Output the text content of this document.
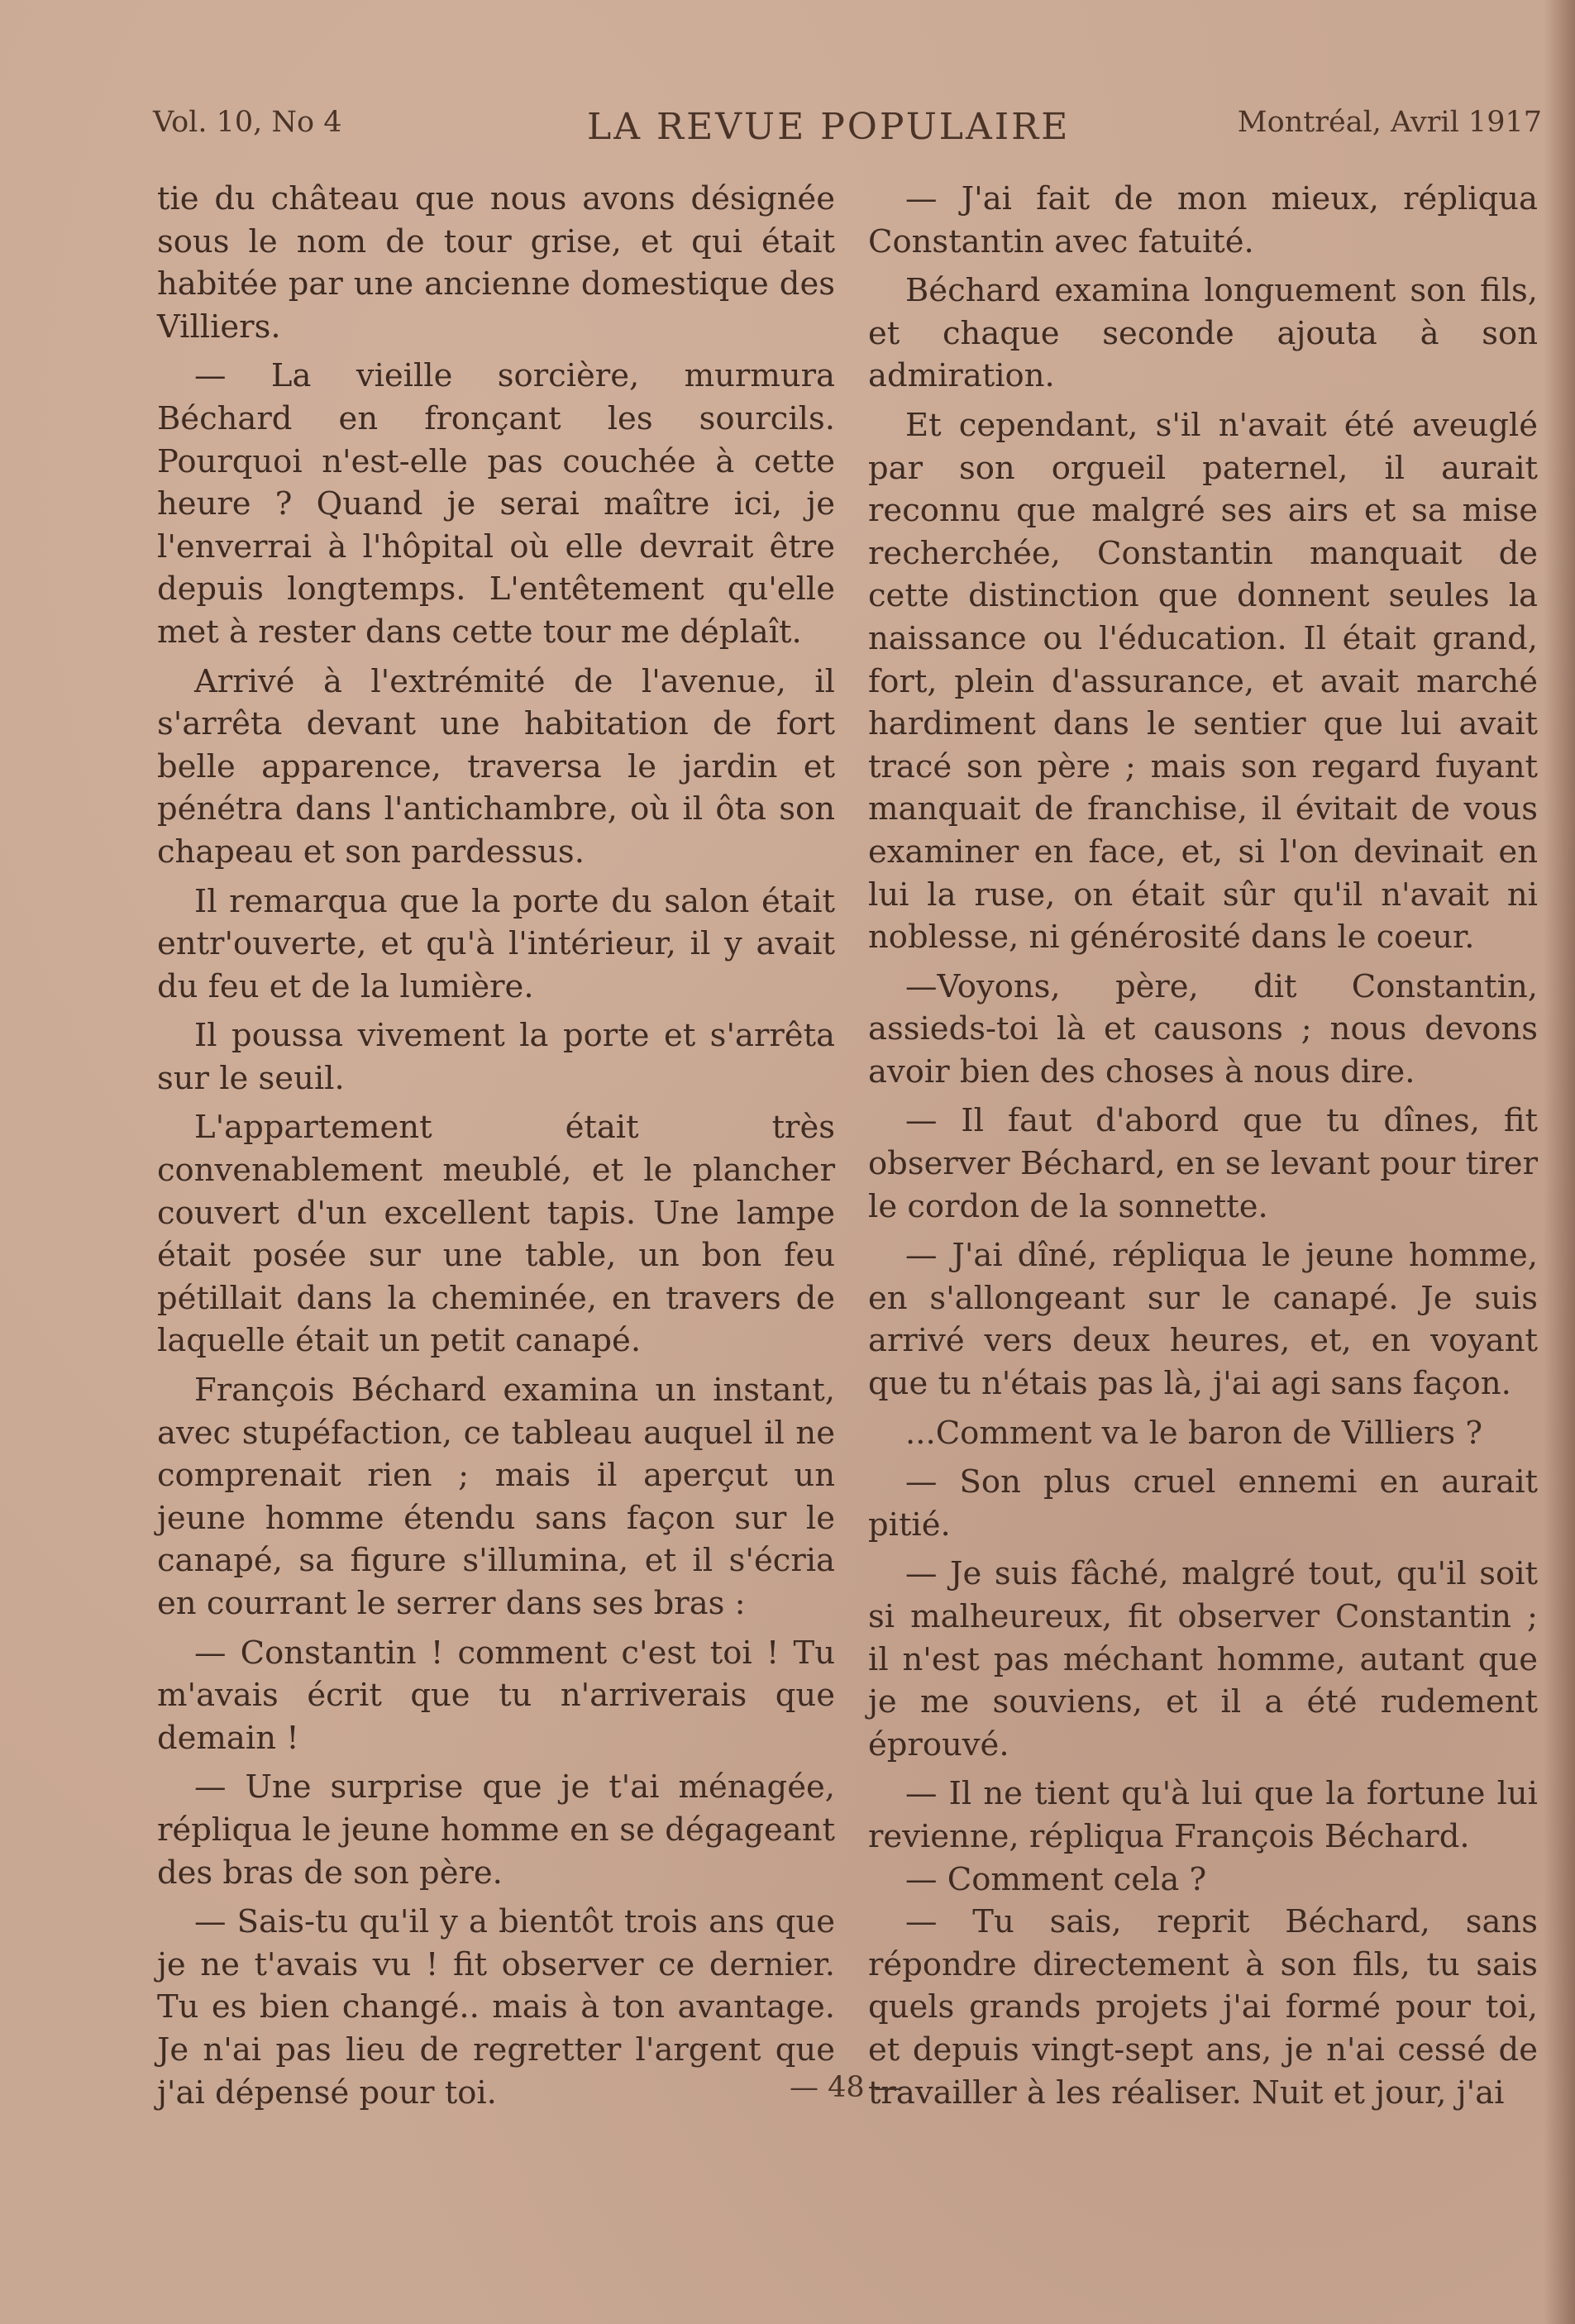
Vol. 10, No 4	LA REVUE POPULAIRE	Montréal, Avril 1917

tie du château que nous avons désignée sous le nom de tour grise, et qui était habitée par une ancienne domestique des Villiers.

— La vieille sorcière, murmura Béchard en fronçant les sourcils. Pourquoi n'est-elle pas couchée à cette heure ? Quand je serai maître ici, je l'enverrai à l'hôpital où elle devrait être depuis longtemps. L'entêtement qu'elle met à rester dans cette tour me déplaît.

Arrivé à l'extrémité de l'avenue, il s'arrêta devant une habitation de fort belle apparence, traversa le jardin et pénétra dans l'antichambre, où il ôta son chapeau et son pardessus.

Il remarqua que la porte du salon était entr'ouverte, et qu'à l'intérieur, il y avait du feu et de la lumière.

Il poussa vivement la porte et s'arrêta sur le seuil.

L'appartement était très convenablement meublé, et le plancher couvert d'un excellent tapis. Une lampe était posée sur une table, un bon feu pétillait dans la cheminée, en travers de laquelle était un petit canapé.

François Béchard examina un instant, avec stupéfaction, ce tableau auquel il ne comprenait rien ; mais il aperçut un jeune homme étendu sans façon sur le canapé, sa figure s'illumina, et il s'écria en courrant le serrer dans ses bras :

— Constantin ! comment c'est toi ! Tu m'avais écrit que tu n'arriverais que demain !

— Une surprise que je t'ai ménagée, répliqua le jeune homme en se dégageant des bras de son père.

— Sais-tu qu'il y a bientôt trois ans que je ne t'avais vu ! fit observer ce dernier. Tu es bien changé.. mais à ton avantage. Je n'ai pas lieu de regretter l'argent que j'ai dépensé pour toi.

— J'ai fait de mon mieux, répliqua Constantin avec fatuité.

Béchard examina longuement son fils, et chaque seconde ajouta à son admiration.

Et cependant, s'il n'avait été aveuglé par son orgueil paternel, il aurait reconnu que malgré ses airs et sa mise recherchée, Constantin manquait de cette distinction que donnent seules la naissance ou l'éducation. Il était grand, fort, plein d'assurance, et avait marché hardiment dans le sentier que lui avait tracé son père ; mais son regard fuyant manquait de franchise, il évitait de vous examiner en face, et, si l'on devinait en lui la ruse, on était sûr qu'il n'avait ni noblesse, ni générosité dans le coeur.

—Voyons, père, dit Constantin, assieds-toi là et causons ; nous devons avoir bien des choses à nous dire.

— Il faut d'abord que tu dînes, fit observer Béchard, en se levant pour tirer le cordon de la sonnette.

— J'ai dîné, répliqua le jeune homme, en s'allongeant sur le canapé. Je suis arrivé vers deux heures, et, en voyant que tu n'étais pas là, j'ai agi sans façon.

...Comment va le baron de Villiers ?

— Son plus cruel ennemi en aurait pitié.

— Je suis fâché, malgré tout, qu'il soit si malheureux, fit observer Constantin ; il n'est pas méchant homme, autant que je me souviens, et il a été rudement éprouvé.

— Il ne tient qu'à lui que la fortune lui revienne, répliqua François Béchard.

— Comment cela ?

— Tu sais, reprit Béchard, sans répondre directement à son fils, tu sais quels grands projets j'ai formé pour toi, et depuis vingt-sept ans, je n'ai cessé de travailler à les réaliser. Nuit et jour, j'ai

— 48 —
